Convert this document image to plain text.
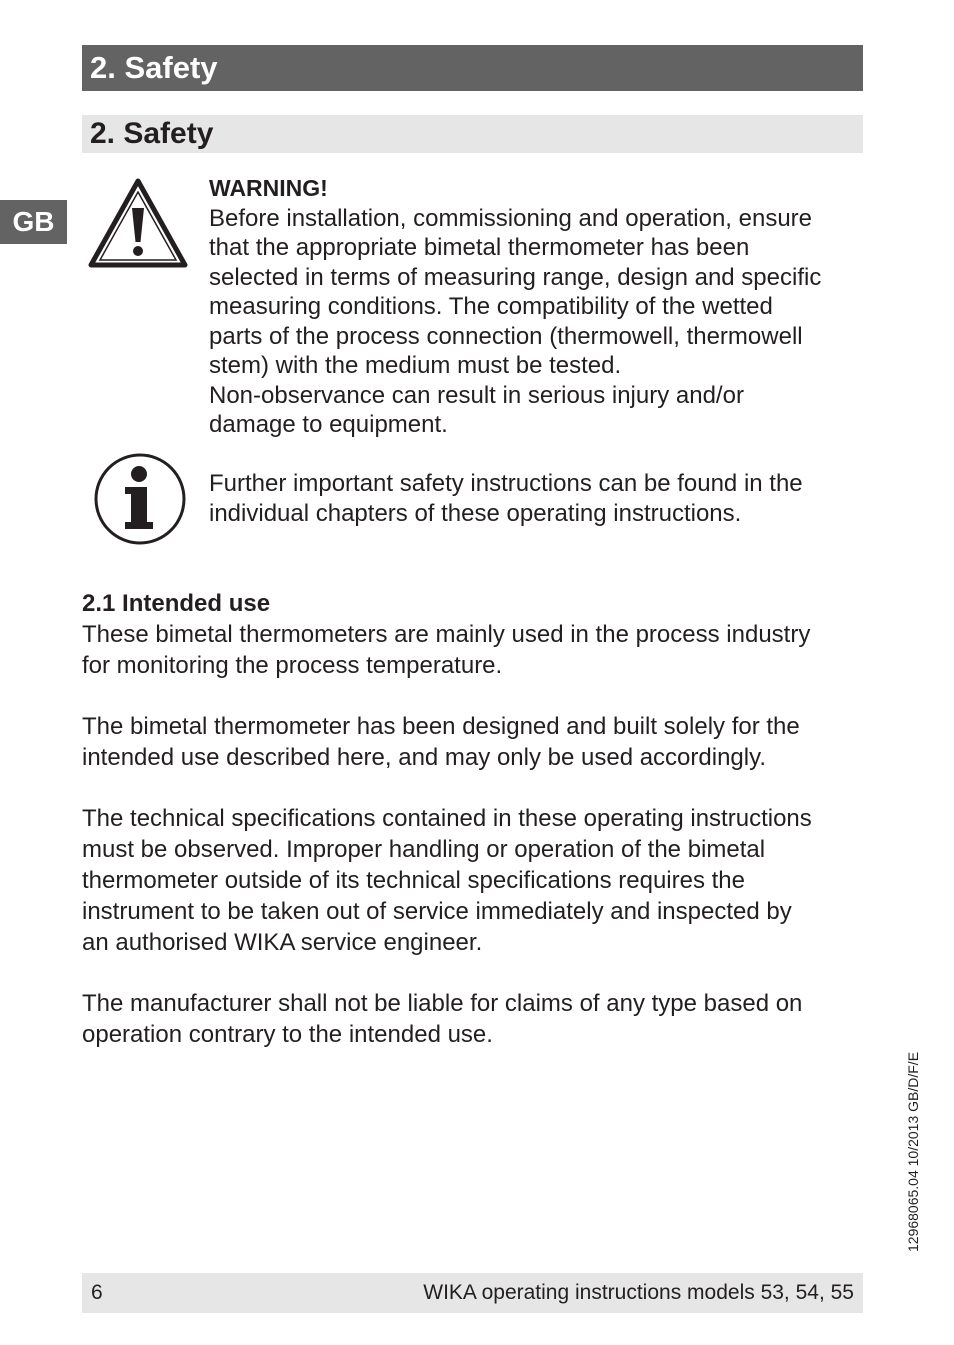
2. Safety
2. Safety
GB
WARNING!
Before installation, commissioning and operation, ensure
that the appropriate bimetal thermometer has been
selected in terms of measuring range, design and specific
measuring conditions. The compatibility of the wetted
parts of the process connection (thermowell, thermowell
stem) with the medium must be tested.
Non-observance can result in serious injury and/or
damage to equipment.
Further important safety instructions can be found in the
individual chapters of these operating instructions.
2.1 Intended use

These bimetal thermometers are mainly used in the process industry
for monitoring the process temperature.

The bimetal thermometer has been designed and built solely for the
intended use described here, and may only be used accordingly.

The technical specifications contained in these operating instructions
must be observed. Improper handling or operation of the bimetal
thermometer outside of its technical specifications requires the
instrument to be taken out of service immediately and inspected by
an authorised WIKA service engineer.

The manufacturer shall not be liable for claims of any type based on
operation contrary to the intended use.

12968065.04 10/2013 GB/D/F/E
6	WIKA operating instructions models 53, 54, 55
